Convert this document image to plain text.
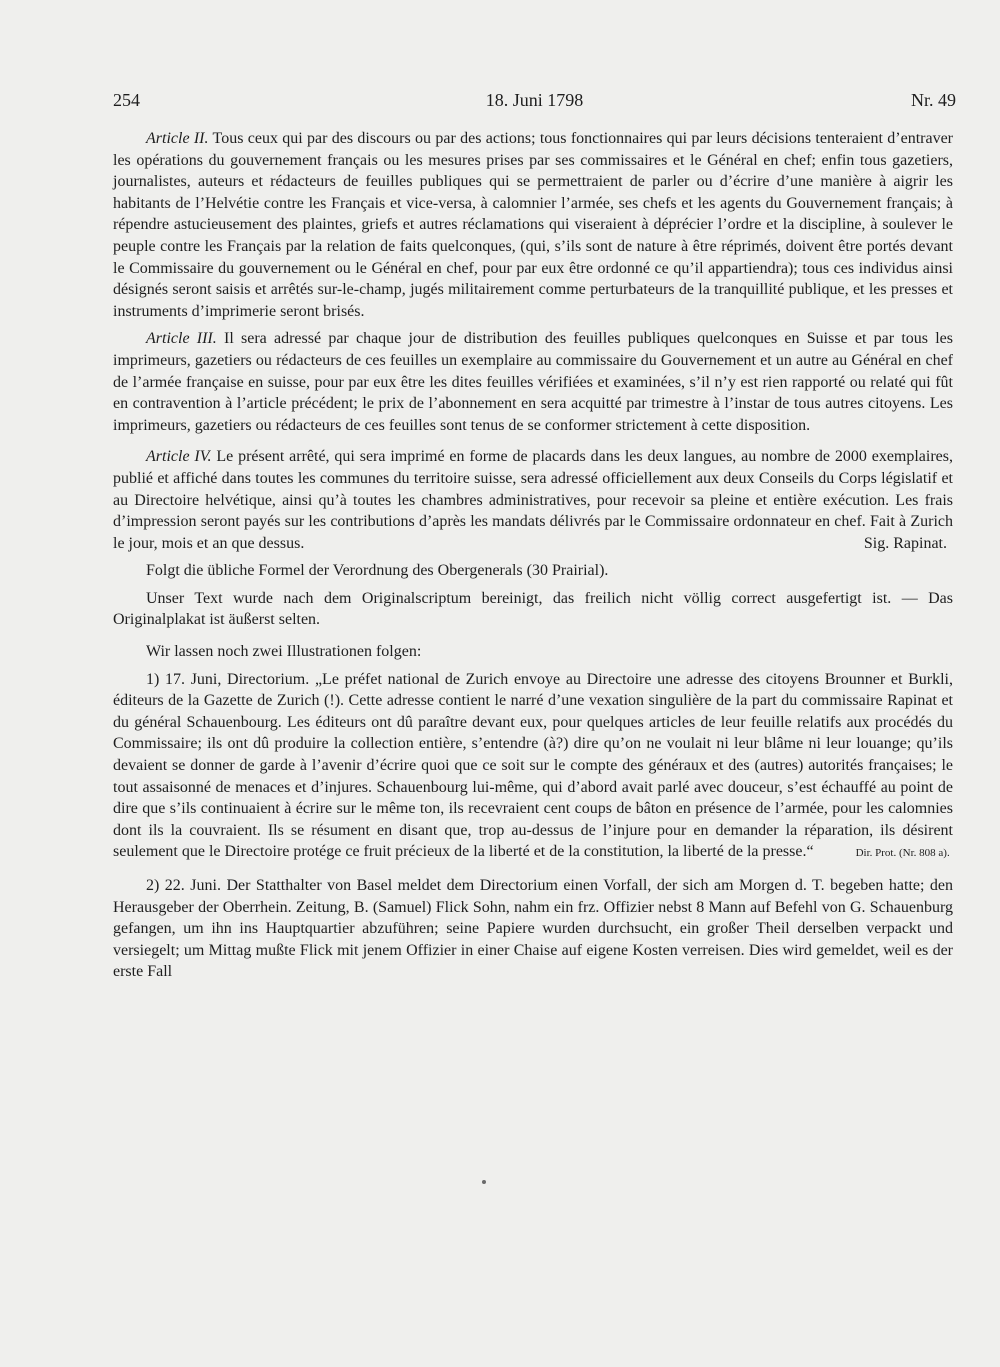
254	18. Juni 1798	Nr. 49

Article II. Tous ceux qui par des discours ou par des actions; tous fonctionnaires qui par leurs décisions tenteraient d’entraver les opérations du gouvernement français ou les mesures prises par ses commissaires et le Général en chef; enfin tous gazetiers, journalistes, auteurs et rédacteurs de feuilles publiques qui se permettraient de parler ou d’écrire d’une manière à aigrir les habitants de l’Helvétie contre les Français et vice-versa, à calomnier l’armée, ses chefs et les agents du Gouvernement français; à répendre astucieusement des plaintes, griefs et autres réclamations qui viseraient à déprécier l’ordre et la discipline, à soulever le peuple contre les Français par la relation de faits quelconques, (qui, s’ils sont de nature à être réprimés, doivent être portés devant le Commissaire du gouvernement ou le Général en chef, pour par eux être ordonné ce qu’il appartiendra); tous ces individus ainsi désignés seront saisis et arrêtés sur-le-champ, jugés militairement comme perturbateurs de la tranquillité publique, et les presses et instruments d’imprimerie seront brisés.

Article III. Il sera adressé par chaque jour de distribution des feuilles publiques quelconques en Suisse et par tous les imprimeurs, gazetiers ou rédacteurs de ces feuilles un exemplaire au commissaire du Gouvernement et un autre au Général en chef de l’armée française en suisse, pour par eux être les dites feuilles vérifiées et examinées, s’il n’y est rien rapporté ou relaté qui fût en contravention à l’article précédent; le prix de l’abonnement en sera acquitté par trimestre à l’instar de tous autres citoyens. Les imprimeurs, gazetiers ou rédacteurs de ces feuilles sont tenus de se conformer strictement à cette disposition.

Article IV. Le présent arrêté, qui sera imprimé en forme de placards dans les deux langues, au nombre de 2000 exemplaires, publié et affiché dans toutes les communes du territoire suisse, sera adressé officiellement aux deux Conseils du Corps législatif et au Directoire helvétique, ainsi qu’à toutes les chambres administratives, pour recevoir sa pleine et entière exécution. Les frais d’impression seront payés sur les contributions d’après les mandats délivrés par le Commissaire ordonnateur en chef. Fait à Zurich le jour, mois et an que dessus.	Sig. Rapinat.

Folgt die übliche Formel der Verordnung des Obergenerals (30 Prairial).

Unser Text wurde nach dem Originalscriptum bereinigt, das freilich nicht völlig correct ausgefertigt ist. — Das Originalplakat ist äußerst selten.

Wir lassen noch zwei Illustrationen folgen:

1) 17. Juni, Directorium. „Le préfet national de Zurich envoye au Directoire une adresse des citoyens Brounner et Burkli, éditeurs de la Gazette de Zurich (!). Cette adresse contient le narré d’une vexation singulière de la part du commissaire Rapinat et du général Schauenbourg. Les éditeurs ont dû paraître devant eux, pour quelques articles de leur feuille relatifs aux procédés du Commissaire; ils ont dû produire la collection entière, s’entendre (à?) dire qu’on ne voulait ni leur blâme ni leur louange; qu’ils devaient se donner de garde à l’avenir d’écrire quoi que ce soit sur le compte des généraux et des (autres) autorités françaises; le tout assaisonné de menaces et d’injures. Schauenbourg lui-même, qui d’abord avait parlé avec douceur, s’est échauffé au point de dire que s’ils continuaient à écrire sur le même ton, ils recevraient cent coups de bâton en présence de l’armée, pour les calomnies dont ils la couvraient. Ils se résument en disant que, trop au-dessus de l’injure pour en demander la réparation, ils désirent seulement que le Directoire protége ce fruit précieux de la liberté et de la constitution, la liberté de la presse.“	Dir. Prot. (Nr. 808 a).

2) 22. Juni. Der Statthalter von Basel meldet dem Directorium einen Vorfall, der sich am Morgen d. T. begeben hatte; den Herausgeber der Oberrhein. Zeitung, B. (Samuel) Flick Sohn, nahm ein frz. Offizier nebst 8 Mann auf Befehl von G. Schauenburg gefangen, um ihn ins Hauptquartier abzuführen; seine Papiere wurden durchsucht, ein großer Theil derselben verpackt und versiegelt; um Mittag mußte Flick mit jenem Offizier in einer Chaise auf eigene Kosten verreisen. Dies wird gemeldet, weil es der erste Fall
